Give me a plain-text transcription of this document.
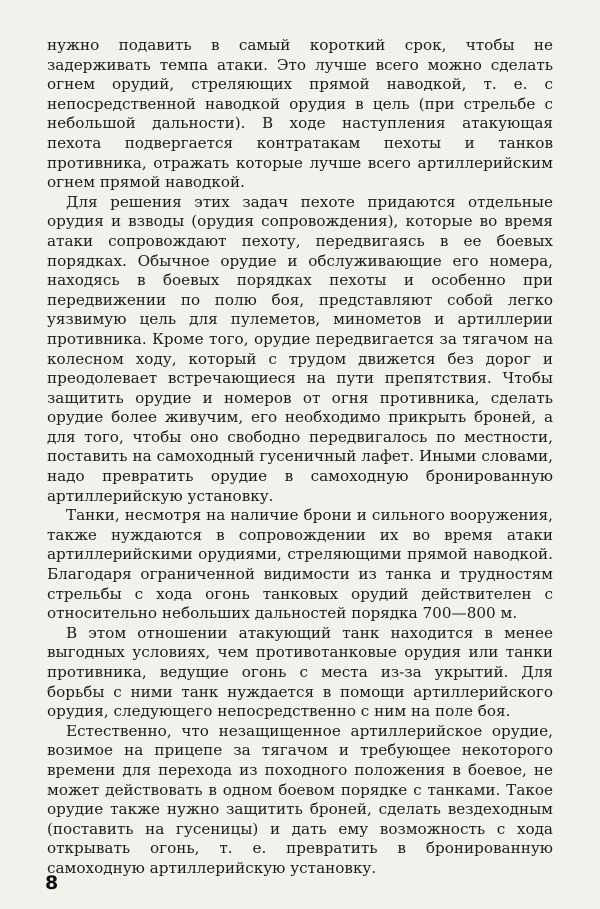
нужно подавить в самый короткий срок, чтобы не задерживать темпа атаки. Это лучше всего можно сделать огнем орудий, стреляющих прямой наводкой, т. е. с непосредственной наводкой орудия в цель (при стрельбе с небольшой дальности). В ходе наступления атакующая пехота подвергается контратакам пехоты и танков противника, отражать которые лучше всего артиллерийским огнем прямой наводкой.

Для решения этих задач пехоте придаются отдельные орудия и взводы (орудия сопровождения), которые во время атаки сопровождают пехоту, передвигаясь в ее боевых порядках. Обычное орудие и обслуживающие его номера, находясь в боевых порядках пехоты и особенно при передвижении по полю боя, представляют собой легко уязвимую цель для пулеметов, минометов и артиллерии противника. Кроме того, орудие передвигается за тягачом на колесном ходу, который с трудом движется без дорог и преодолевает встречающиеся на пути препятствия. Чтобы защитить орудие и номеров от огня противника, сделать орудие более живучим, его необходимо прикрыть броней, а для того, чтобы оно свободно передвигалось по местности, поставить на самоходный гусеничный лафет. Иными словами, надо превратить орудие в самоходную бронированную артиллерийскую установку.

Танки, несмотря на наличие брони и сильного вооружения, также нуждаются в сопровождении их во время атаки артиллерийскими орудиями, стреляющими прямой наводкой. Благодаря ограниченной видимости из танка и трудностям стрельбы с хода огонь танковых орудий действителен с относительно небольших дальностей порядка 700—800 м.

В этом отношении атакующий танк находится в менее выгодных условиях, чем противотанковые орудия или танки противника, ведущие огонь с места из-за укрытий. Для борьбы с ними танк нуждается в помощи артиллерийского орудия, следующего непосредственно с ним на поле боя.

Естественно, что незащищенное артиллерийское орудие, возимое на прицепе за тягачом и требующее некоторого времени для перехода из походного положения в боевое, не может действовать в одном боевом порядке с танками. Такое орудие также нужно защитить броней, сделать вездеходным (поставить на гусеницы) и дать ему возможность с хода открывать огонь, т. е. превратить в бронированную самоходную артиллерийскую установку.

8
